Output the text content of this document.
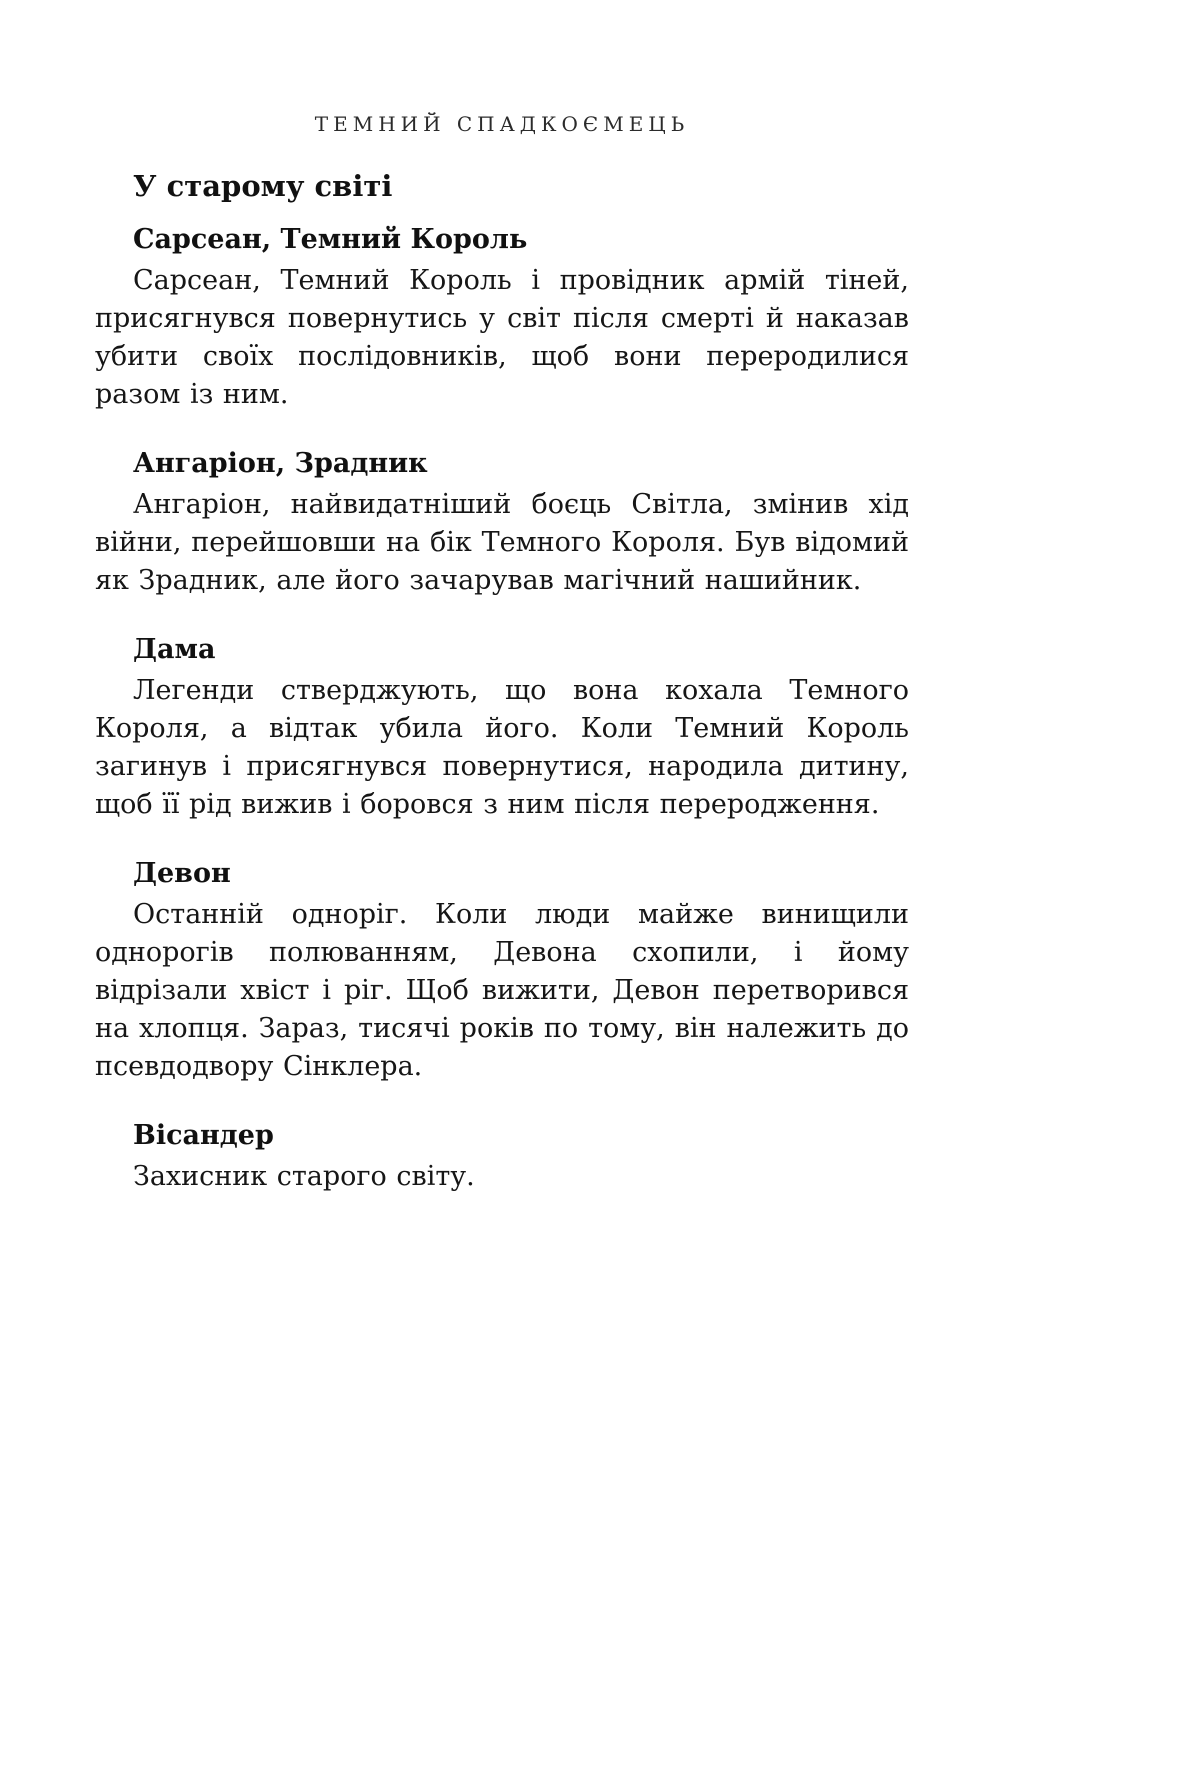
ТЕМНИЙ СПАДКОЄМЕЦЬ
У старому світі
Сарсеан, Темний Король

Сарсеан, Темний Король і провідник армій тіней, присягнувся повернутись у світ після смерті й наказав убити своїх послідовників, щоб вони переродилися разом із ним.

Ангаріон, Зрадник

Ангаріон, найвидатніший боєць Світла, змінив хід війни, перейшовши на бік Темного Короля. Був відомий як Зрадник, але його зачарував магічний нашийник.

Дама

Легенди стверджують, що вона кохала Темного Короля, а відтак убила його. Коли Темний Король загинув і присягнувся повернутися, народила дитину, щоб її рід вижив і боровся з ним після переродження.

Девон

Останній одноріг. Коли люди майже винищили однорогів полюванням, Девона схопили, і йому відрізали хвіст і ріг. Щоб вижити, Девон перетворився на хлопця. Зараз, тисячі років по тому, він належить до псевдодвору Сінклера.

Вісандер

Захисник старого світу.
